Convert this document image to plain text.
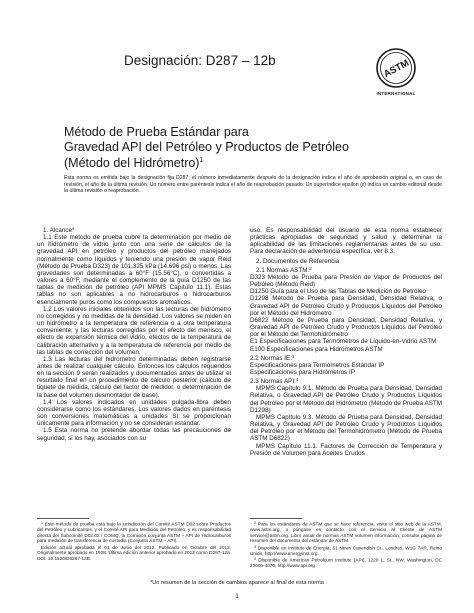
Designación: D287 – 12b	ASTM
INTERNATIONAL
Método de Prueba Estándar para
Gravedad API del Petróleo y Productos de Petróleo
(Método del Hidrómetro)$^1$

Esta norma es emitida bajo la designación fija D287; el número inmediatamente después de la designación indica el año de aprobación original o, en caso de revisión, el año de la última revisión. Un número entre paréntesis indica el año de reaprobación pasado. Un superíndice epsilon (ε) indica un cambio editorial desde la última revisión o reaprobación.

1. Alcance*

1.1 Este método de prueba cubre la determinación por medio de un hidrómetro de vidrio junto con una serie de cálculos de la gravedad API en petróleo y productos del petróleo manejados normalmente como líquidos y teniendo una presión de vapor Reid (Método de Prueba D323) de 101.325 kPa (14.696 psi) o menos. Las gravedades son determinadas a 60°F (15.56°C), o convertidas a valores a 60°F, mediante el complemento de la guía D1250 de las tablas de medición de petróleo (API MPMS Capítulo 11.1). Estas tablas no son aplicables a no hidrocarburos o hidrocarburos esencialmente puros como los compuestos aromáticos.

1.2 Los valores iniciales obtenidos son las lecturas del hidrómetro no corregidos y no medidas de la densidad. Los valores se miden en un hidrómetro a la temperatura de referencia o a otra temperatura conveniente, y las lecturas corregidas por el efecto del menisco, el efecto de expansión térmica del vidrio, efectos de la temperatura de calibración alternativo y a la temperatura de referencia por medio de las tablas de corrección del volumen.

1.3 Las lecturas del hidrómetro determinadas deben registrarse antes de realizar cualquier cálculo. Entonces los cálculos requeridos en la sección 9 serán realizados y documentados antes de utilizar el resultado final en un procedimiento de cálculo posterior (cálculo de tiquete de medida, cálculo del factor de medidor, o determinación de la base del volumen desmontador de base).

1.4 Los valores indicados en unidades pulgada-libra deben considerarse como los estándares. Los valores dados en paréntesis son conversiones matemáticas a unidades SI se proporcionan únicamente para información y no se consideran estándar.

1.5 Esta norma no pretende abordar todas las precauciones de seguridad, si los hay, asociados con su

uso. Es responsabilidad del usuario de esta norma establecer prácticas apropiadas de seguridad y salud y determinar la aplicabilidad de las limitaciones reglamentarias antes de su uso. Para declaración de advertencia específica, ver 8.3.

2. Documentos de Referencia

2.1 Normas ASTM:$^2$

D323 Método de Prueba para Presión de Vapor de Productos del Petróleo (Método Reid)

D1250 Guía para el Uso de las Tablas de Medición de Petróleo

D1298 Método de Prueba para Densidad, Densidad Relativa, o Gravedad API de Petróleo Crudo y Productos Líquidos del Petróleo por el Método del Hidrómetro

D6822 Método de Prueba para Densidad, Densidad Relativa, y Gravedad API de Petróleo Crudo y Productos Líquidos del Petróleo por el Método del Termohidrómetro

E1 Especificaciones para Termómetros de Líquido-en-Vidrio ASTM

E100 Especificaciones para Hidrómetros ASTM

2.2 Normas IE:$^3$

Especificaciones para Termómetros Estándar IP

Especificaciones para Hidrómetros IP

2.3 Normas API:$^4$

MPMS Capítulo 9.1. Método de Prueba para Densidad, Densidad Relativa, o Gravedad API de Petróleo Crudo y Productos Líquidos del Petróleo por el Método del Hidrómetro (Método de Prueba ASTM D1298)

MPMS Capítulo 9.3. Método de Prueba para Densidad, Densidad Relativa, y Gravedad API de Petróleo Crudo y Productos Líquidos del Petróleo por el Método del Termohidrómetro (Método de Prueba ASTM D6822)

MPMS Capítulo 11.1. Factores de Corrección de Temperatura y Presión de Volumen para Aceites Crudos

$^1$ Este método de prueba está bajo la jurisdicción del Comité ASTM D02 sobre Productos del Petróleo y Lubricantes, y el Comité API para Medición del Petróleo, y es responsabilidad directa del Subcomité D02.02 / COMQ, la Comisión conjunta ASTM – API de Hidrocarburos para medición de transferencia de custodia (Conjunto ASTM – API).

Edición actual aprobada el 01 de Junio del 2012. Publicado en Octubre del 2012. Originalmente aprobado en 1928. Última edición anterior aprobado en 2012 como D287-12a. DOI: 10.1520/D0287-12B.

$^2$ Para los estándares de ASTM que se hace referencia, visite el sitio web de la ASTM, www.astm.org, o póngase en contacto con el Servicio al Cliente de ASTM service@astm.org. Libro anual de normas ASTM volumen información, consulte página de resumen del documento del estándar de ASTM.

$^3$ Disponible en Instituto de Energía, 61 News Cavendish St., Londres, W1G 7AR, Reino Unido, http://www.energyinst.org.

$^4$ Disponible de American Petroleum Institute (API), 1220 L. St., NW, Washington, DC 20005-4070, http://www.api.org.

*Un resumen de la sección de cambios aparece al final de esta norma
1
